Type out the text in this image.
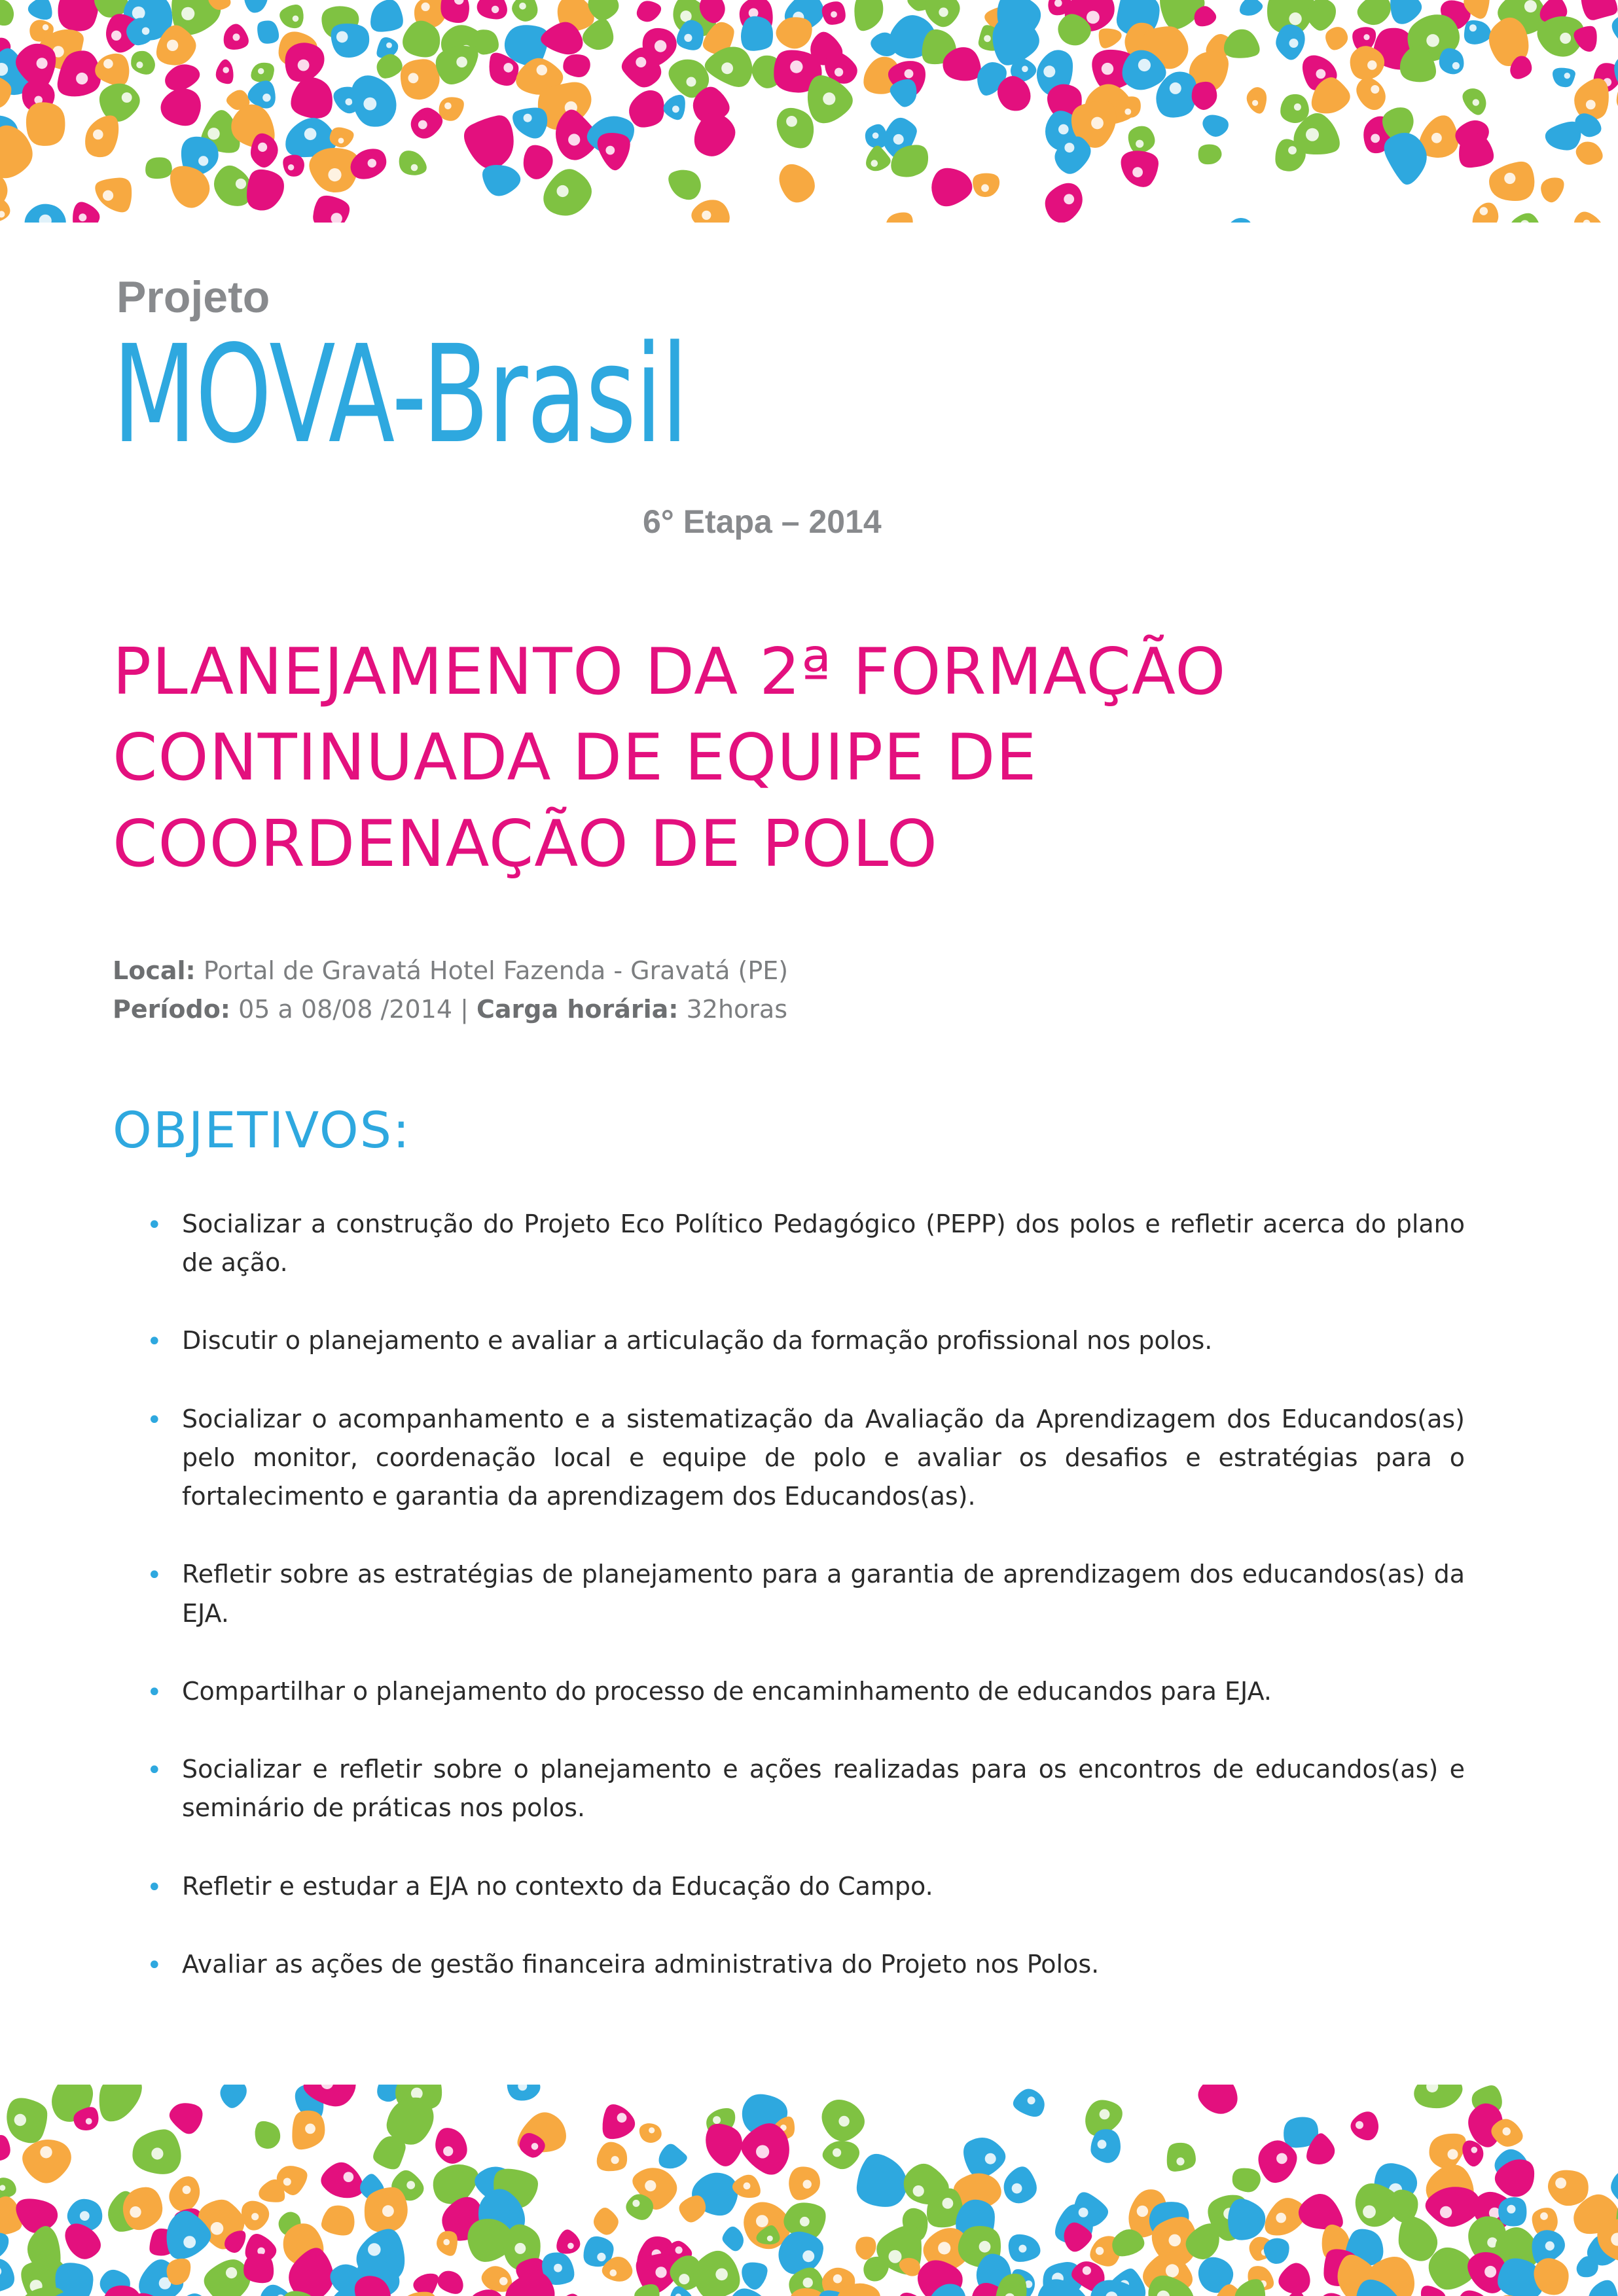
Projeto
MOVA-Brasil
6° Etapa – 2014
PLANEJAMENTO DA 2ª FORMAÇÃO CONTINUADA DE EQUIPE DE COORDENAÇÃO DE POLO
Local: Portal de Gravatá Hotel Fazenda - Gravatá (PE)
Período: 05 a 08/08 /2014 | Carga horária: 32horas
OBJETIVOS:
• Socializar a construção do Projeto Eco Político Pedagógico (PEPP) dos polos e refletir acerca do plano de ação.
• Discutir o planejamento e avaliar a articulação da formação profissional nos polos.
• Socializar o acompanhamento e a sistematização da Avaliação da Aprendizagem dos Educandos(as) pelo monitor, coordenação local e equipe de polo e avaliar os desafios e estratégias para o fortalecimento e garantia da aprendizagem dos Educandos(as).
• Refletir sobre as estratégias de planejamento para a garantia de aprendizagem dos educandos(as) da EJA.
• Compartilhar o planejamento do processo de encaminhamento de educandos para EJA.
• Socializar e refletir sobre o planejamento e ações realizadas para os encontros de educandos(as) e seminário de práticas nos polos.
• Refletir e estudar a EJA no contexto da Educação do Campo.
• Avaliar as ações de gestão financeira administrativa do Projeto nos Polos.
